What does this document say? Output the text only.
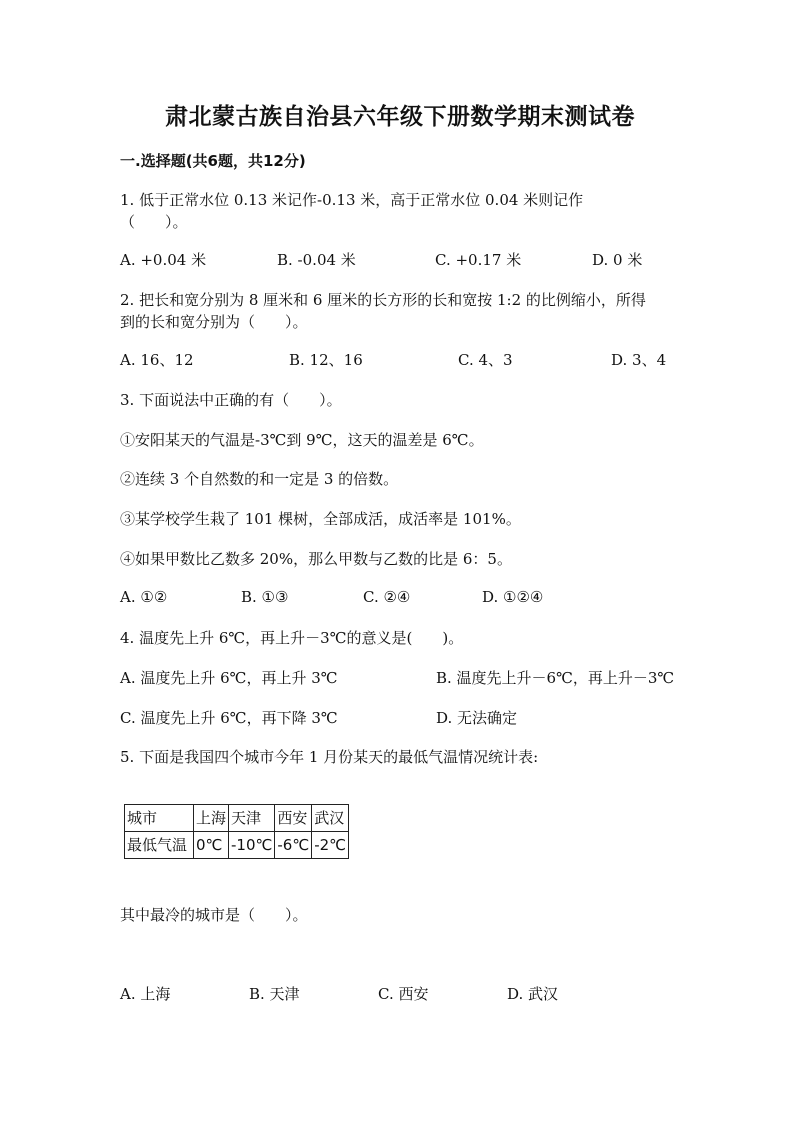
肃北蒙古族自治县六年级下册数学期末测试卷
一.选择题(共6题，共12分)
1. 低于正常水位 0.13 米记作-0.13 米，高于正常水位 0.04 米则记作
（　　）。
A. +0.04 米	B. -0.04 米	C. +0.17 米	D. 0 米
2. 把长和宽分别为 8 厘米和 6 厘米的长方形的长和宽按 1:2 的比例缩小，所得
到的长和宽分别为（　　）。
A. 16、12	B. 12、16	C. 4、3	D. 3、4
3. 下面说法中正确的有（　　）。
①安阳某天的气温是-3℃到 9℃，这天的温差是 6℃。
②连续 3 个自然数的和一定是 3 的倍数。
③某学校学生栽了 101 棵树，全部成活，成活率是 101%。
④如果甲数比乙数多 20%，那么甲数与乙数的比是 6：5。
A. ①②	B. ①③	C. ②④	D. ①②④
4. 温度先上升 6℃，再上升－3℃的意义是(　　)。
A. 温度先上升 6℃，再上升 3℃	B. 温度先上升－6℃，再上升－3℃
C. 温度先上升 6℃，再下降 3℃	D. 无法确定
5. 下面是我国四个城市今年 1 月份某天的最低气温情况统计表:
城市	上海	天津	西安	武汉
最低气温	0℃	-10℃	-6℃	-2℃
其中最冷的城市是（　　）。
A. 上海	B. 天津	C. 西安	D. 武汉
